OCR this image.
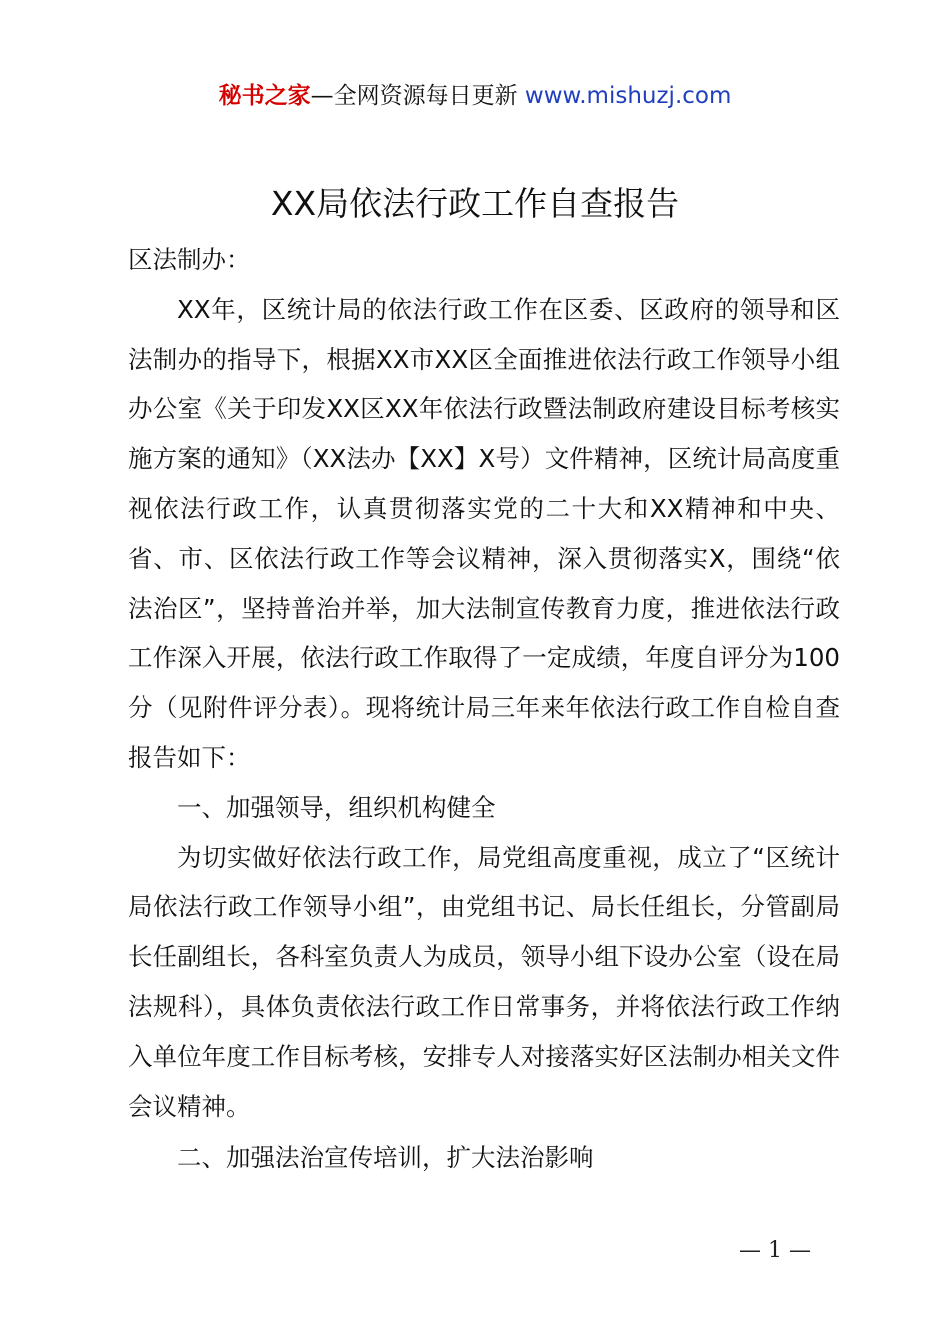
秘书之家—全网资源每日更新 www.mishuzj.com
XX局依法行政工作自查报告

区法制办：

XX年，区统计局的依法行政工作在区委、区政府的领导和区法制办的指导下，根据XX市XX区全面推进依法行政工作领导小组办公室《关于印发XX区XX年依法行政暨法制政府建设目标考核实施方案的通知》（XX法办【XX】X号）文件精神，区统计局高度重视依法行政工作，认真贯彻落实党的二十大和XX精神和中央、省、市、区依法行政工作等会议精神，深入贯彻落实X，围绕“依法治区”，坚持普治并举，加大法制宣传教育力度，推进依法行政工作深入开展，依法行政工作取得了一定成绩，年度自评分为100分（见附件评分表）。现将统计局三年来年依法行政工作自检自查报告如下：

一、加强领导，组织机构健全

为切实做好依法行政工作，局党组高度重视，成立了“区统计局依法行政工作领导小组”，由党组书记、局长任组长，分管副局长任副组长，各科室负责人为成员，领导小组下设办公室（设在局法规科），具体负责依法行政工作日常事务，并将依法行政工作纳入单位年度工作目标考核，安排专人对接落实好区法制办相关文件会议精神。

二、加强法治宣传培训，扩大法治影响

— 1 —
